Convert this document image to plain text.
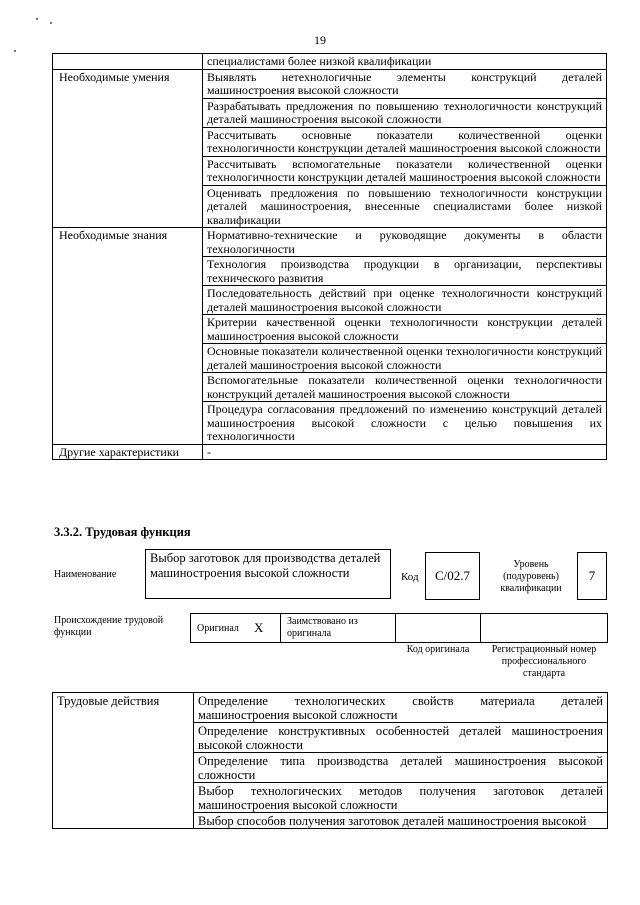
19
	специалистами более низкой квалификации
Необходимые умения	Выявлять нетехнологичные элементы конструкций деталей машиностроения высокой сложности
	Разрабатывать предложения по повышению технологичности конструкций деталей машиностроения высокой сложности
	Рассчитывать основные показатели количественной оценки технологичности конструкции деталей машиностроения высокой сложности
	Рассчитывать вспомогательные показатели количественной оценки технологичности конструкции деталей машиностроения высокой сложности
	Оценивать предложения по повышению технологичности конструкции деталей машиностроения, внесенные специалистами более низкой квалификации
Необходимые знания	Нормативно-технические и руководящие документы в области технологичности
	Технология производства продукции в организации, перспективы технического развития
	Последовательность действий при оценке технологичности конструкций деталей машиностроения высокой сложности
	Критерии качественной оценки технологичности конструкции деталей машиностроения высокой сложности
	Основные показатели количественной оценки технологичности конструкций деталей машиностроения высокой сложности
	Вспомогательные показатели количественной оценки технологичности конструкций деталей машиностроения высокой сложности
	Процедура согласования предложений по изменению конструкций деталей машиностроения высокой сложности с целью повышения их технологичности
Другие характеристики	-
3.3.2. Трудовая функция
Наименование
Выбор заготовок для производства деталей машиностроения высокой сложности	Код	C/02.7
Уровень (подуровень) квалификации
7
Происхождение трудовой функции	Оригинал X	Заимствовано из оригинала
Код оригинала	Регистрационный номер профессионального стандарта
Трудовые действия	Определение технологических свойств материала деталей машиностроения высокой сложности
Определение конструктивных особенностей деталей машиностроения высокой сложности
Определение типа производства деталей машиностроения высокой сложности
Выбор технологических методов получения заготовок деталей машиностроения высокой сложности
Выбор способов получения заготовок деталей машиностроения высокой
